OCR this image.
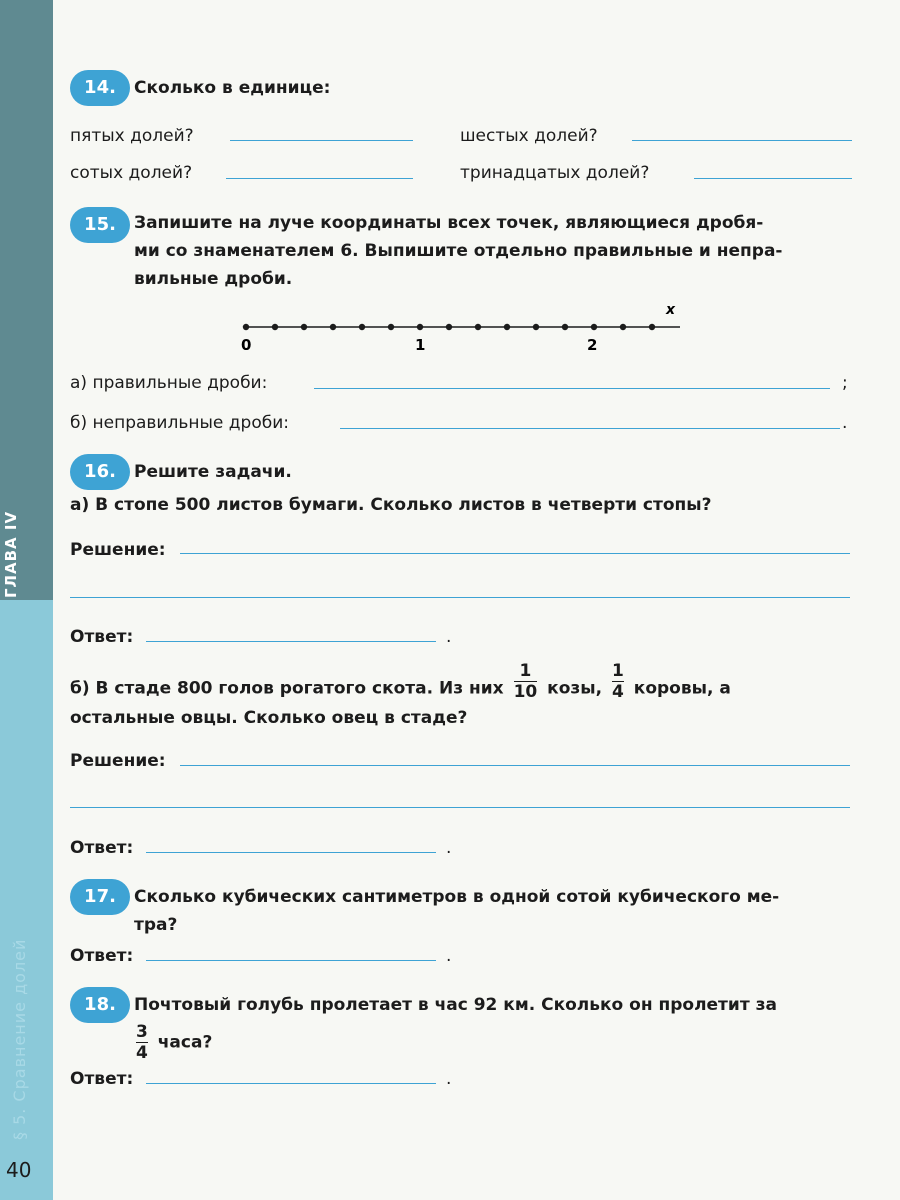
§ 5. Сравнение долей
40
14.	Сколько в единице:
пятых долей?	шестых долей?
сотых долей?	тринадцатых долей?
15.	Запишите на луче координаты всех точек, являющиеся дробя-
ми со знаменателем 6. Выпишите отдельно правильные и непра-
вильные дроби.
x
0	1	2
а) правильные дроби:	;
б) неправильные дроби:	.
16.	Решите задачи.
а) В стопе 500 листов бумаги. Сколько листов в четверти стопы?
Решение:
Ответ:	.
б) В стаде 800 голов рогатого скота. Из них $\frac{1}{10}$ козы, $\frac{1}{4}$ коровы, а
остальные овцы. Сколько овец в стаде?
Решение:
Ответ:	.
17.	Сколько кубических сантиметров в одной сотой кубического ме-
тра?
Ответ:	.
18.	Почтовый голубь пролетает в час 92 км. Сколько он пролетит за
$\frac{3}{4}$ часа?
Ответ:	.
